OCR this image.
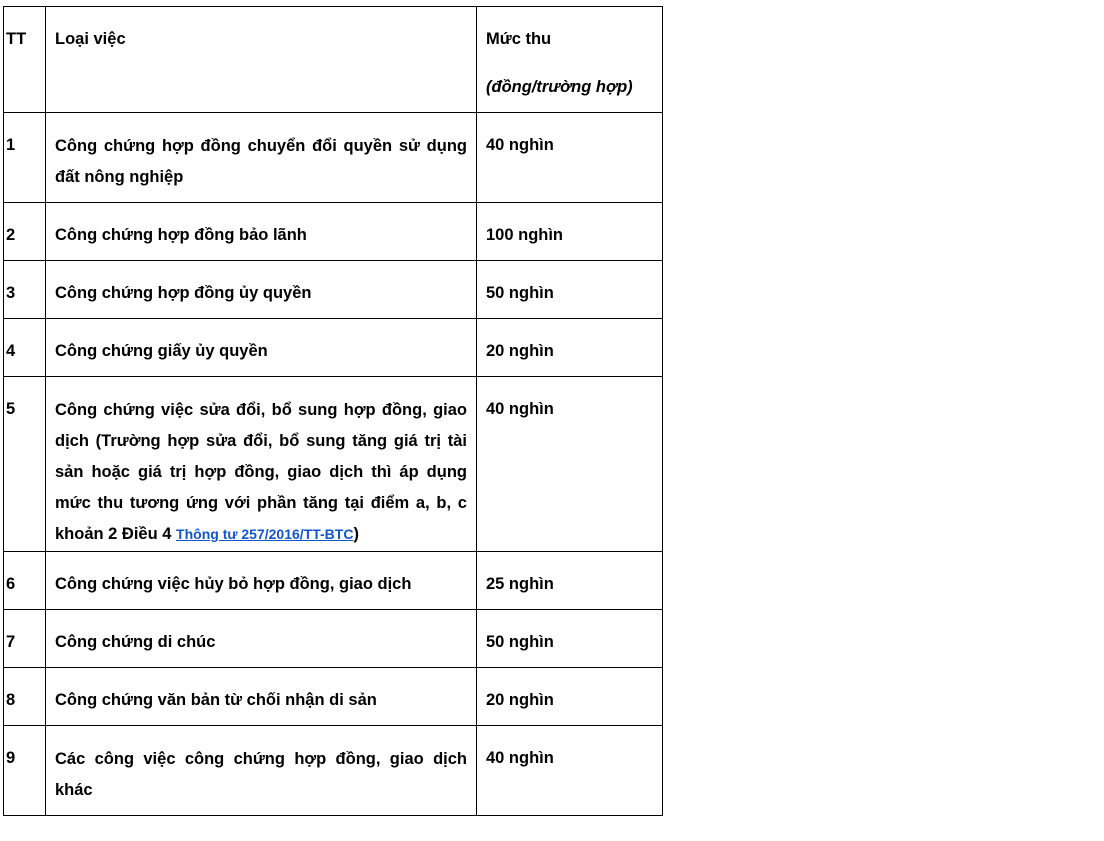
TT	Loại việc	Mức thu
(đồng/trường hợp)

1	Công chứng hợp đồng chuyển đổi quyền sử dụng đất nông nghiệp	40 nghìn

2	Công chứng hợp đồng bảo lãnh	100 nghìn

3	Công chứng hợp đồng ủy quyền	50 nghìn

4	Công chứng giấy ủy quyền	20 nghìn

5	Công chứng việc sửa đổi, bổ sung hợp đồng, giao dịch (Trường hợp sửa đổi, bổ sung tăng giá trị tài sản hoặc giá trị hợp đồng, giao dịch thì áp dụng mức thu tương ứng với phần tăng tại điểm a, b, c khoản 2 Điều 4 Thông tư 257/2016/TT-BTC)	40 nghìn

6	Công chứng việc hủy bỏ hợp đồng, giao dịch	25 nghìn

7	Công chứng di chúc	50 nghìn

8	Công chứng văn bản từ chối nhận di sản	20 nghìn

9	Các công việc công chứng hợp đồng, giao dịch khác	40 nghìn
